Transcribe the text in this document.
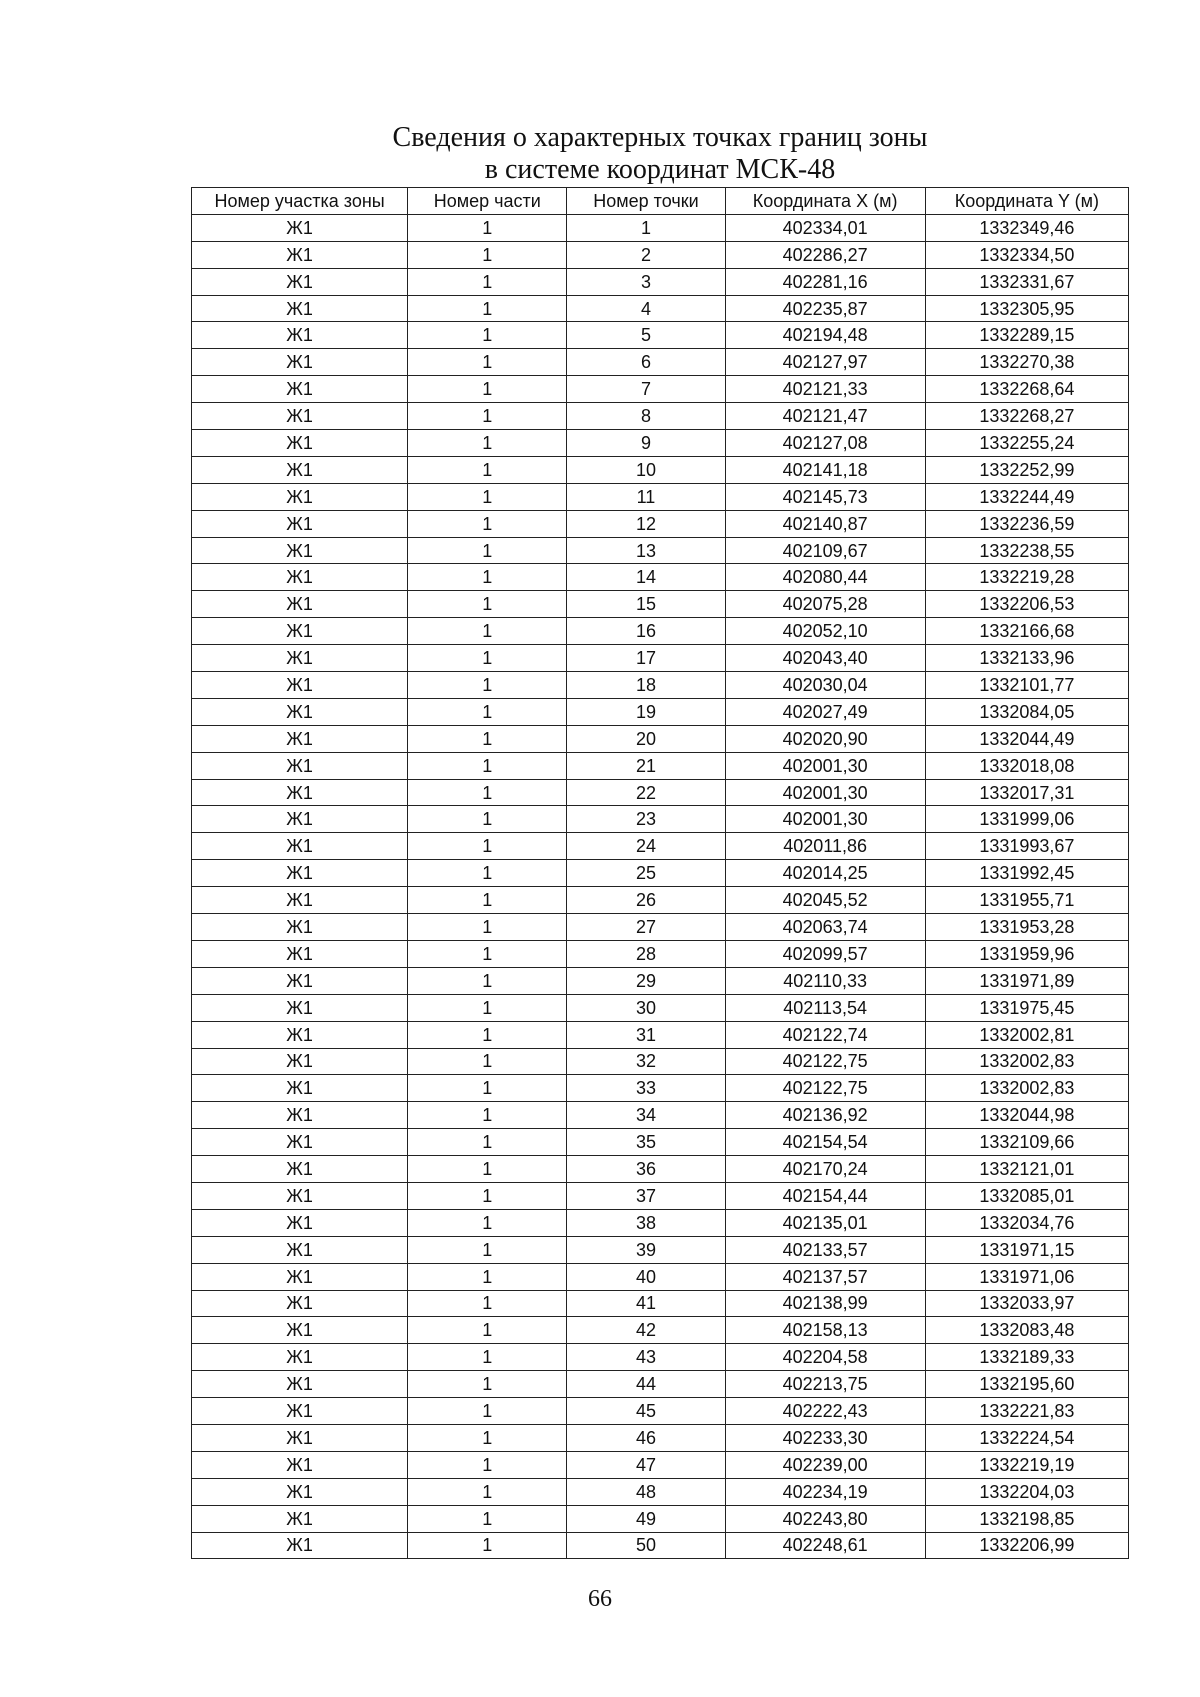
Сведения о характерных точках границ зоны
в системе координат МСК-48
Номер участка зоны	Номер части	Номер точки	Координата X (м)	Координата Y (м)
Ж1	1	1	402334,01	1332349,46
Ж1	1	2	402286,27	1332334,50
Ж1	1	3	402281,16	1332331,67
Ж1	1	4	402235,87	1332305,95
Ж1	1	5	402194,48	1332289,15
Ж1	1	6	402127,97	1332270,38
Ж1	1	7	402121,33	1332268,64
Ж1	1	8	402121,47	1332268,27
Ж1	1	9	402127,08	1332255,24
Ж1	1	10	402141,18	1332252,99
Ж1	1	11	402145,73	1332244,49
Ж1	1	12	402140,87	1332236,59
Ж1	1	13	402109,67	1332238,55
Ж1	1	14	402080,44	1332219,28
Ж1	1	15	402075,28	1332206,53
Ж1	1	16	402052,10	1332166,68
Ж1	1	17	402043,40	1332133,96
Ж1	1	18	402030,04	1332101,77
Ж1	1	19	402027,49	1332084,05
Ж1	1	20	402020,90	1332044,49
Ж1	1	21	402001,30	1332018,08
Ж1	1	22	402001,30	1332017,31
Ж1	1	23	402001,30	1331999,06
Ж1	1	24	402011,86	1331993,67
Ж1	1	25	402014,25	1331992,45
Ж1	1	26	402045,52	1331955,71
Ж1	1	27	402063,74	1331953,28
Ж1	1	28	402099,57	1331959,96
Ж1	1	29	402110,33	1331971,89
Ж1	1	30	402113,54	1331975,45
Ж1	1	31	402122,74	1332002,81
Ж1	1	32	402122,75	1332002,83
Ж1	1	33	402122,75	1332002,83
Ж1	1	34	402136,92	1332044,98
Ж1	1	35	402154,54	1332109,66
Ж1	1	36	402170,24	1332121,01
Ж1	1	37	402154,44	1332085,01
Ж1	1	38	402135,01	1332034,76
Ж1	1	39	402133,57	1331971,15
Ж1	1	40	402137,57	1331971,06
Ж1	1	41	402138,99	1332033,97
Ж1	1	42	402158,13	1332083,48
Ж1	1	43	402204,58	1332189,33
Ж1	1	44	402213,75	1332195,60
Ж1	1	45	402222,43	1332221,83
Ж1	1	46	402233,30	1332224,54
Ж1	1	47	402239,00	1332219,19
Ж1	1	48	402234,19	1332204,03
Ж1	1	49	402243,80	1332198,85
Ж1	1	50	402248,61	1332206,99
66
